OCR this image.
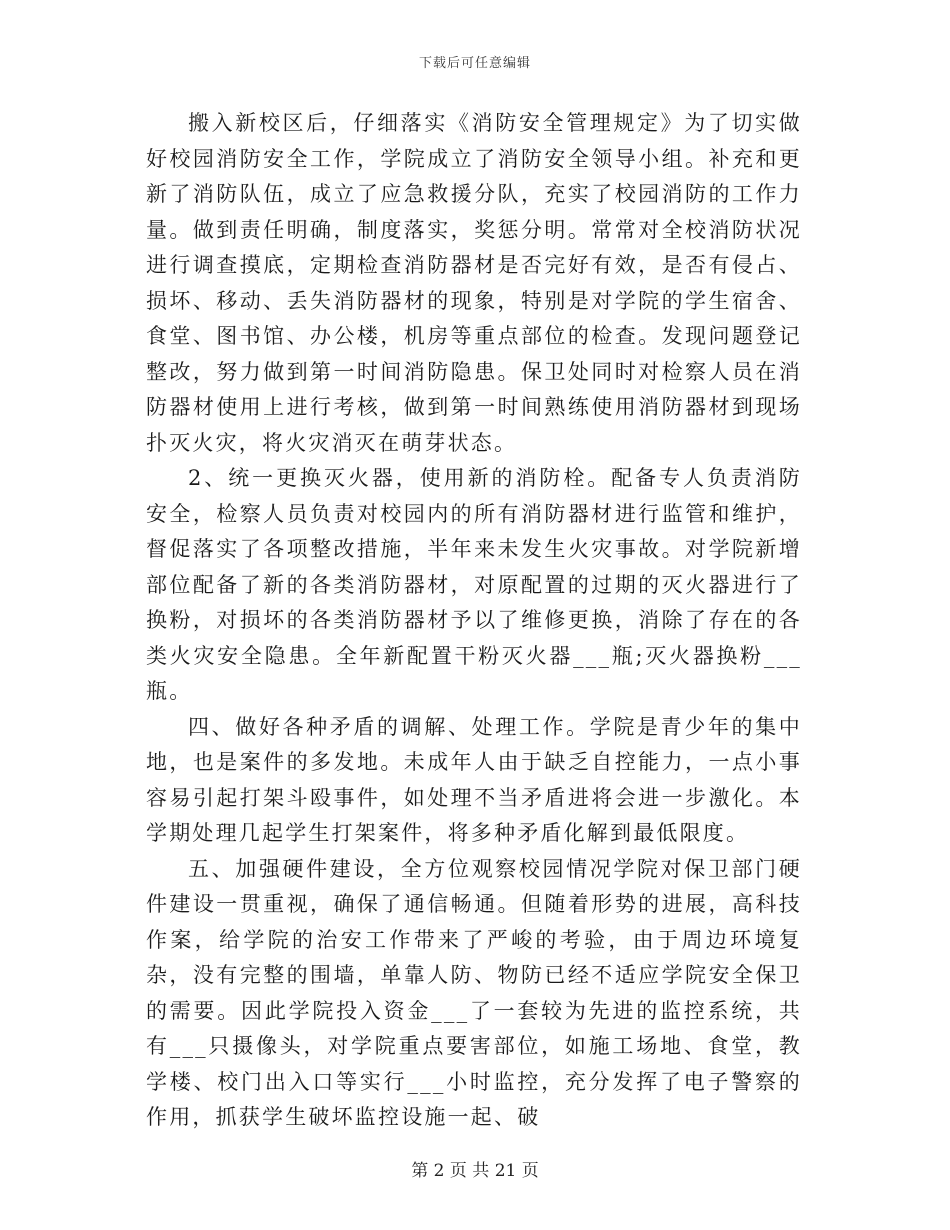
下载后可任意编辑

搬入新校区后，仔细落实《消防安全管理规定》为了切实做好校园消防安全工作，学院成立了消防安全领导小组。补充和更新了消防队伍，成立了应急救援分队，充实了校园消防的工作力量。做到责任明确，制度落实，奖惩分明。常常对全校消防状况进行调查摸底，定期检查消防器材是否完好有效，是否有侵占、损坏、移动、丢失消防器材的现象，特别是对学院的学生宿舍、食堂、图书馆、办公楼，机房等重点部位的检查。发现问题登记整改，努力做到第一时间消防隐患。保卫处同时对检察人员在消防器材使用上进行考核，做到第一时间熟练使用消防器材到现场扑灭火灾，将火灾消灭在萌芽状态。

2、统一更换灭火器，使用新的消防栓。配备专人负责消防安全，检察人员负责对校园内的所有消防器材进行监管和维护，督促落实了各项整改措施，半年来未发生火灾事故。对学院新增部位配备了新的各类消防器材，对原配置的过期的灭火器进行了换粉，对损坏的各类消防器材予以了维修更换，消除了存在的各类火灾安全隐患。全年新配置干粉灭火器___瓶;灭火器换粉___瓶。

四、做好各种矛盾的调解、处理工作。学院是青少年的集中地，也是案件的多发地。未成年人由于缺乏自控能力，一点小事容易引起打架斗殴事件，如处理不当矛盾进将会进一步激化。本学期处理几起学生打架案件，将多种矛盾化解到最低限度。

五、加强硬件建设，全方位观察校园情况学院对保卫部门硬件建设一贯重视，确保了通信畅通。但随着形势的进展，高科技作案，给学院的治安工作带来了严峻的考验，由于周边环境复杂，没有完整的围墙，单靠人防、物防已经不适应学院安全保卫的需要。因此学院投入资金___了一套较为先进的监控系统，共有___只摄像头，对学院重点要害部位，如施工场地、食堂，教学楼、校门出入口等实行___小时监控，充分发挥了电子警察的作用，抓获学生破坏监控设施一起、破

第 2 页 共 21 页
